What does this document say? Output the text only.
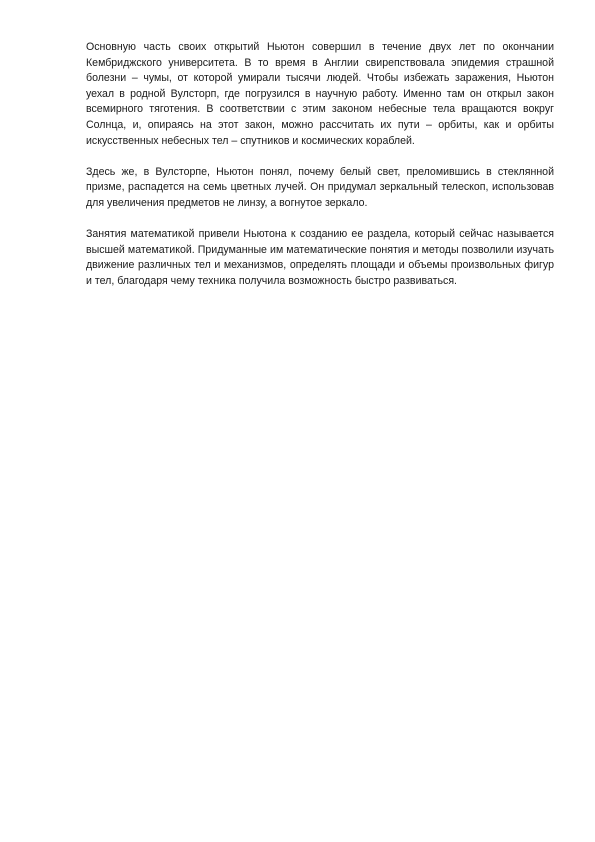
Основную часть своих открытий Ньютон совершил в течение двух лет по окончании Кембриджского университета. В то время в Англии свирепствовала эпидемия страшной болезни – чумы, от которой умирали тысячи людей. Чтобы избежать заражения, Ньютон уехал в родной Вулсторп, где погрузился в научную работу. Именно там он открыл закон всемирного тяготения. В соответствии с этим законом небесные тела вращаются вокруг Солнца, и, опираясь на этот закон, можно рассчитать их пути – орбиты, как и орбиты искусственных небесных тел – спутников и космических кораблей.

Здесь же, в Вулсторпе, Ньютон понял, почему белый свет, преломившись в стеклянной призме, распадется на семь цветных лучей. Он придумал зеркальный телескоп, использовав для увеличения предметов не линзу, а вогнутое зеркало.

Занятия математикой привели Ньютона к созданию ее раздела, который сейчас называется высшей математикой. Придуманные им математические понятия и методы позволили изучать движение различных тел и механизмов, определять площади и объемы произвольных фигур и тел, благодаря чему техника получила возможность быстро развиваться.
